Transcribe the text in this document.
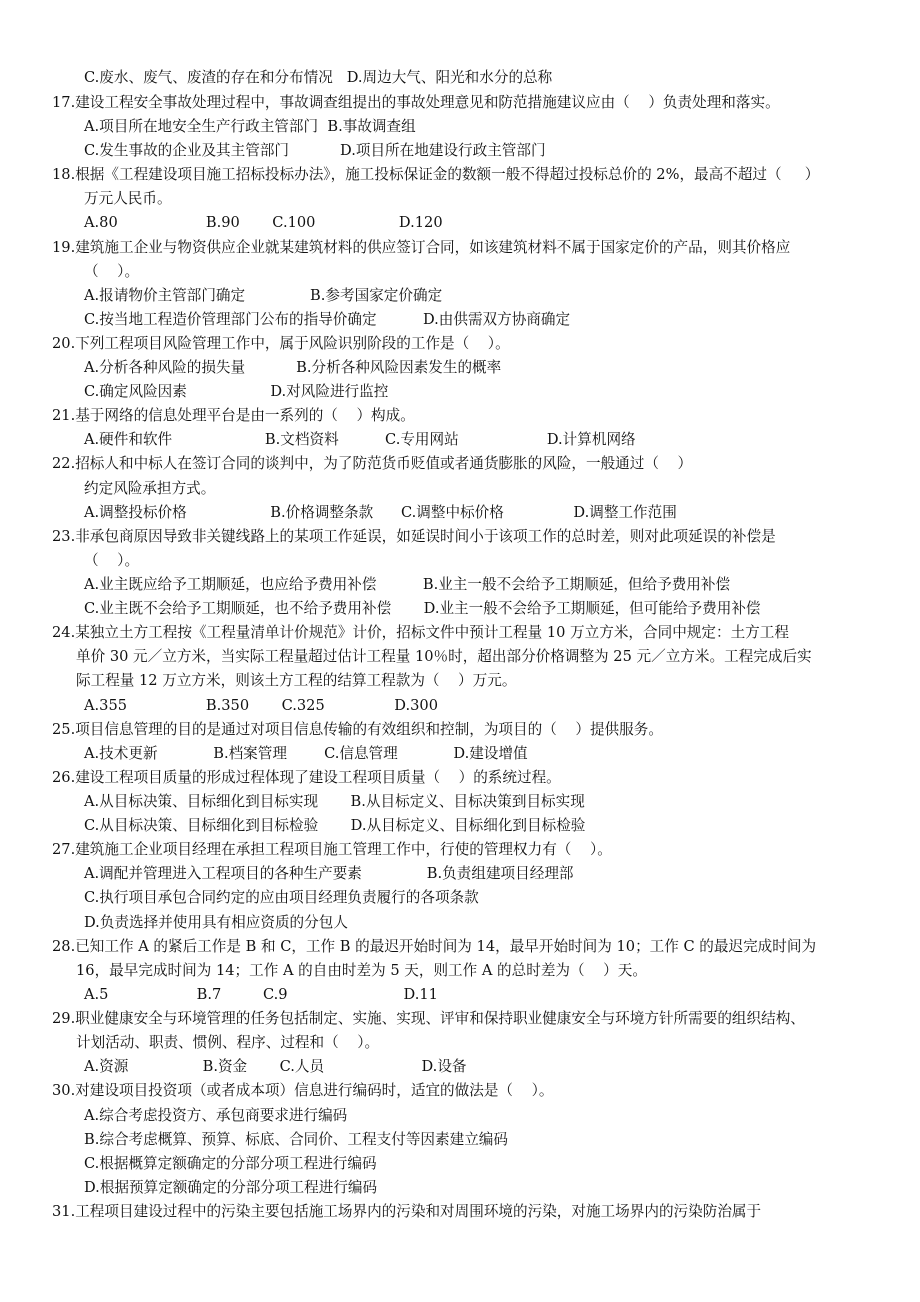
C.废水、废气、废渣的存在和分布情况   D.周边大气、阳光和水分的总称
17.建设工程安全事故处理过程中，事故调查组提出的事故处理意见和防范措施建议应由（    ）负责处理和落实。
A.项目所在地安全生产行政主管部门  B.事故调查组
C.发生事故的企业及其主管部门           D.项目所在地建设行政主管部门
18.根据《工程建设项目施工招标投标办法》，施工投标保证金的数额一般不得超过投标总价的 2%，最高不超过（     ）
万元人民币。
A.80                   B.90       C.100                  D.120
19.建筑施工企业与物资供应企业就某建筑材料的供应签订合同，如该建筑材料不属于国家定价的产品，则其价格应
（    ）。
A.报请物价主管部门确定              B.参考国家定价确定
C.按当地工程造价管理部门公布的指导价确定          D.由供需双方协商确定
20.下列工程项目风险管理工作中，属于风险识别阶段的工作是（    ）。
A.分析各种风险的损失量           B.分析各种风险因素发生的概率
C.确定风险因素                  D.对风险进行监控
21.基于网络的信息处理平台是由一系列的（    ）构成。
A.硬件和软件                    B.文档资料          C.专用网站                   D.计算机网络
22.招标人和中标人在签订合同的谈判中，为了防范货币贬值或者通货膨胀的风险，一般通过（    ）
约定风险承担方式。
A.调整投标价格                  B.价格调整条款      C.调整中标价格               D.调整工作范围
23.非承包商原因导致非关键线路上的某项工作延误，如延误时间小于该项工作的总时差，则对此项延误的补偿是
（    ）。
A.业主既应给予工期顺延，也应给予费用补偿          B.业主一般不会给予工期顺延，但给予费用补偿
C.业主既不会给予工期顺延，也不给予费用补偿       D.业主一般不会给予工期顺延，但可能给予费用补偿
24.某独立土方工程按《工程量清单计价规范》计价，招标文件中预计工程量 10 万立方米，合同中规定：土方工程
单价 30 元／立方米，当实际工程量超过估计工程量 10％时，超出部分价格调整为 25 元／立方米。工程完成后实
际工程量 12 万立方米，则该土方工程的结算工程款为（    ）万元。
A.355                 B.350       C.325               D.300
25.项目信息管理的目的是通过对项目信息传输的有效组织和控制，为项目的（    ）提供服务。
A.技术更新            B.档案管理        C.信息管理            D.建设增值
26.建设工程项目质量的形成过程体现了建设工程项目质量（    ）的系统过程。
A.从目标决策、目标细化到目标实现       B.从目标定义、目标决策到目标实现
C.从目标决策、目标细化到目标检验       D.从目标定义、目标细化到目标检验
27.建筑施工企业项目经理在承担工程项目施工管理工作中，行使的管理权力有（    ）。
A.调配并管理进入工程项目的各种生产要素              B.负责组建项目经理部
C.执行项目承包合同约定的应由项目经理负责履行的各项条款
D.负责选择并使用具有相应资质的分包人
28.已知工作 A 的紧后工作是 B 和 C，工作 B 的最迟开始时间为 14，最早开始时间为 10；工作 C 的最迟完成时间为
16，最早完成时间为 14；工作 A 的自由时差为 5 天，则工作 A 的总时差为（    ）天。
A.5                   B.7         C.9                         D.11
29.职业健康安全与环境管理的任务包括制定、实施、实现、评审和保持职业健康安全与环境方针所需要的组织结构、
计划活动、职责、惯例、程序、过程和（    ）。
A.资源                B.资金       C.人员                     D.设备
30.对建设项目投资项（或者成本项）信息进行编码时，适宜的做法是（    ）。
A.综合考虑投资方、承包商要求进行编码
B.综合考虑概算、预算、标底、合同价、工程支付等因素建立编码
C.根据概算定额确定的分部分项工程进行编码
D.根据预算定额确定的分部分项工程进行编码
31.工程项目建设过程中的污染主要包括施工场界内的污染和对周围环境的污染，对施工场界内的污染防治属于
